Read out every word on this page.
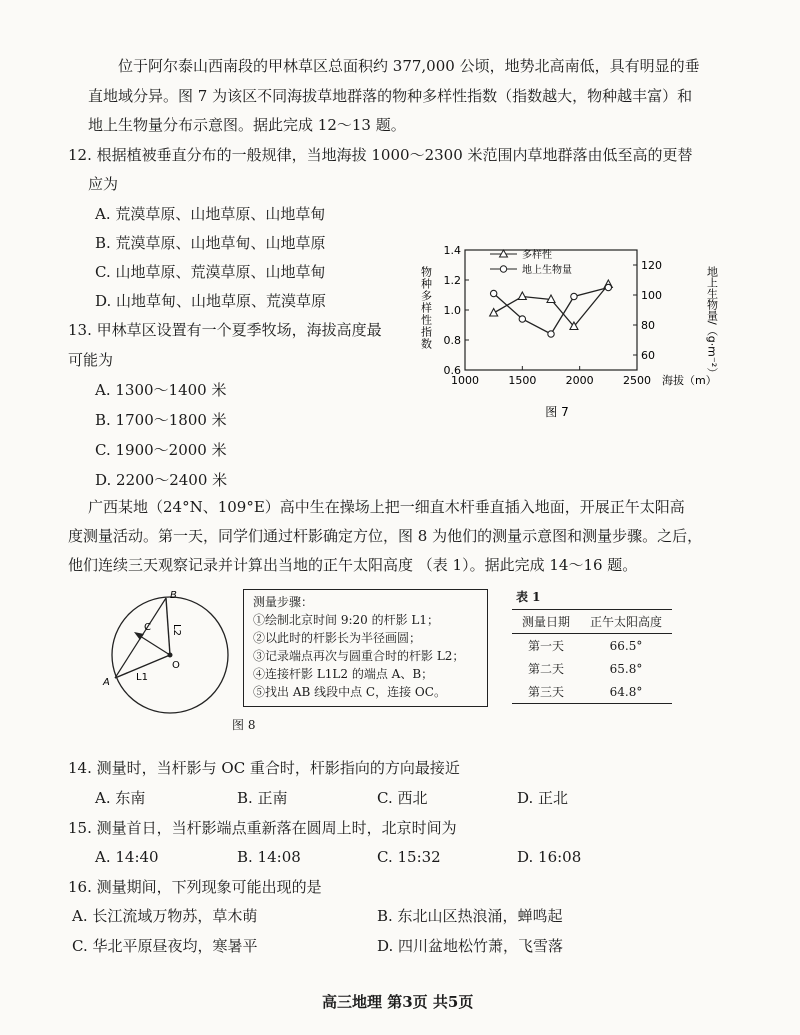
位于阿尔泰山西南段的甲林草区总面积约 377,000 公顷，地势北高南低，具有明显的垂
直地域分异。图 7 为该区不同海拔草地群落的物种多样性指数（指数越大，物种越丰富）和
地上生物量分布示意图。据此完成 12～13 题。
12. 根据植被垂直分布的一般规律，当地海拔 1000～2300 米范围内草地群落由低至高的更替
应为
A. 荒漠草原、山地草原、山地草甸
B. 荒漠草原、山地草甸、山地草原
C. 山地草原、荒漠草原、山地草甸
D. 山地草甸、山地草原、荒漠草原
13. 甲林草区设置有一个夏季牧场，海拔高度最
可能为
A. 1300～1400 米
B. 1700～1800 米
C. 1900～2000 米
D. 2200～2400 米
1.4
1.2
1.0
0.8
0.6
120
100
80
60
1000	1500	2000	2500 海拔（m）
物种多样性指数	地上生物量/（g·m⁻²）
多样性
地上生物量
图 7
广西某地（24°N、109°E）高中生在操场上把一细直木杆垂直插入地面，开展正午太阳高
度测量活动。第一天，同学们通过杆影确定方位，图 8 为他们的测量示意图和测量步骤。之后，
他们连续三天观察记录并计算出当地的正午太阳高度 （表 1）。据此完成 14～16 题。
B
A
C
O
L1
L2
图 8
测量步骤：
①绘制北京时间 9:20 的杆影 L1；
②以此时的杆影长为半径画圆；
③记录端点再次与圆重合时的杆影 L2；
④连接杆影 L1L2 的端点 A、B；
⑤找出 AB 线段中点 C，连接 OC。
表 1
测量日期	正午太阳高度
第一天	66.5°
第二天	65.8°
第三天	64.8°
14. 测量时，当杆影与 OC 重合时，杆影指向的方向最接近
A. 东南	B. 正南	C. 西北	D. 正北
15. 测量首日，当杆影端点重新落在圆周上时，北京时间为
A. 14:40	B. 14:08	C. 15:32	D. 16:08
16. 测量期间，下列现象可能出现的是
A. 长江流域万物苏，草木萌	B. 东北山区热浪涌，蝉鸣起
C. 华北平原昼夜均，寒暑平	D. 四川盆地松竹萧，飞雪落
高三地理 第3页 共5页
